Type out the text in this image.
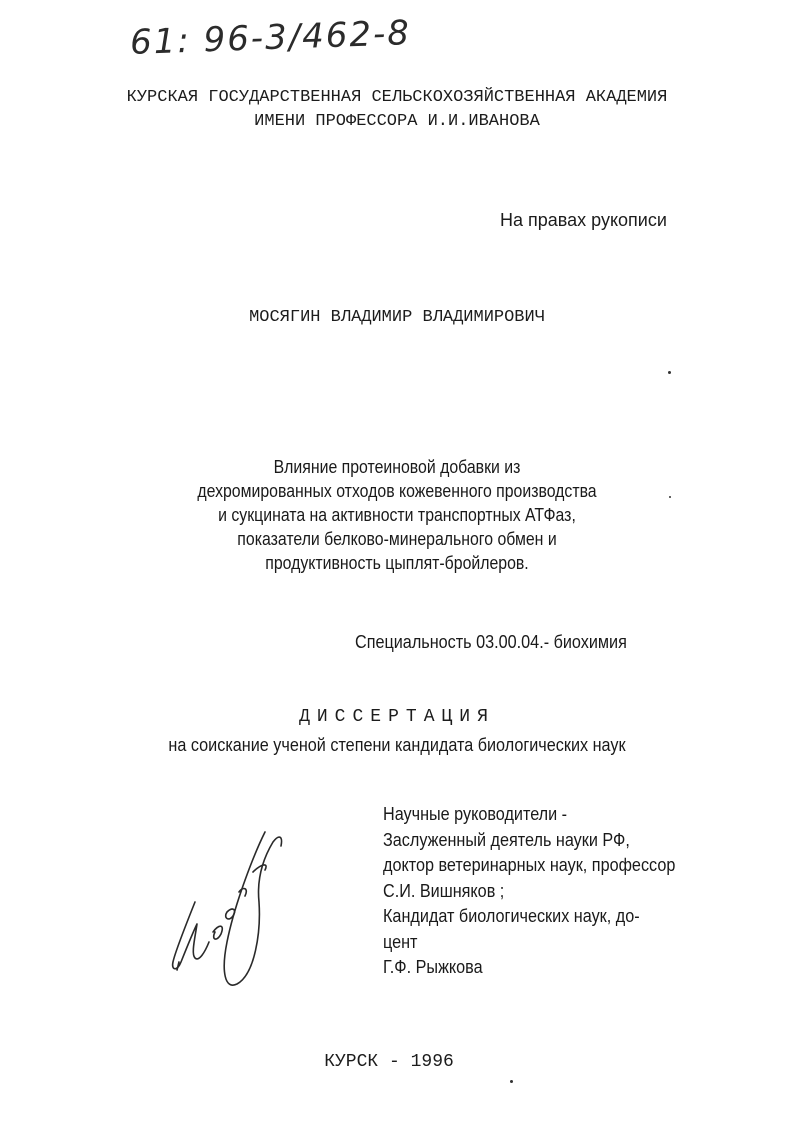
61: 96-3/462-8
КУРСКАЯ ГОСУДАРСТВЕННАЯ СЕЛЬСКОХОЗЯЙСТВЕННАЯ АКАДЕМИЯ
ИМЕНИ ПРОФЕССОРА И.И.ИВАНОВА
На правах рукописи
МОСЯГИН ВЛАДИМИР ВЛАДИМИРОВИЧ
Влияние протеиновой добавки из
дехромированных отходов кожевенного производства
и сукцината на активности транспортных АТФаз,
показатели белково-минерального обмен и
продуктивность цыплят-бройлеров.
Специальность 03.00.04.- биохимия
ДИССЕРТАЦИЯ
на соискание ученой степени кандидата биологических наук
Научные руководители -
Заслуженный деятель науки РФ,
доктор ветеринарных наук, профессор
С.И. Вишняков ;
Кандидат биологических наук, до-
цент
Г.Ф. Рыжкова
КУРСК - 1996
